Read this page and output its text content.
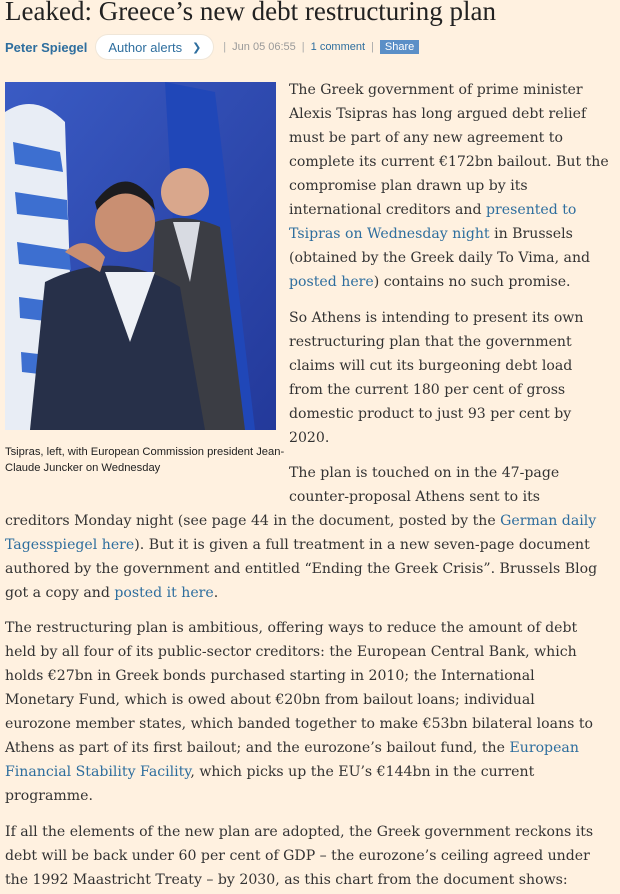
Leaked: Greece’s new debt restructuring plan
Peter Spiegel Author alerts ❯ | Jun 05 06:55 | 1 comment |	Share

Tsipras, left, with European Commission president Jean-Claude Juncker on Wednesday

The Greek government of prime minister
Alexis Tsipras has long argued debt relief
must be part of any new agreement to
complete its current €172bn bailout. But the
compromise plan drawn up by its
international creditors and presented to
Tsipras on Wednesday night in Brussels
(obtained by the Greek daily To Vima, and
posted here) contains no such promise.
So Athens is intending to present its own
restructuring plan that the government
claims will cut its burgeoning debt load
from the current 180 per cent of gross
domestic product to just 93 per cent by
2020.
The plan is touched on in the 47-page
counter-proposal Athens sent to its
creditors Monday night (see page 44 in the document, posted by the German daily
Tagesspiegel here). But it is given a full treatment in a new seven-page document
authored by the government and entitled “Ending the Greek Crisis”. Brussels Blog
got a copy and posted it here.
The restructuring plan is ambitious, offering ways to reduce the amount of debt
held by all four of its public-sector creditors: the European Central Bank, which
holds €27bn in Greek bonds purchased starting in 2010; the International
Monetary Fund, which is owed about €20bn from bailout loans; individual
eurozone member states, which banded together to make €53bn bilateral loans to
Athens as part of its first bailout; and the eurozone’s bailout fund, the European
Financial Stability Facility, which picks up the EU’s €144bn in the current
programme.
If all the elements of the new plan are adopted, the Greek government reckons its
debt will be back under 60 per cent of GDP – the eurozone’s ceiling agreed under
the 1992 Maastricht Treaty – by 2030, as this chart from the document shows:
